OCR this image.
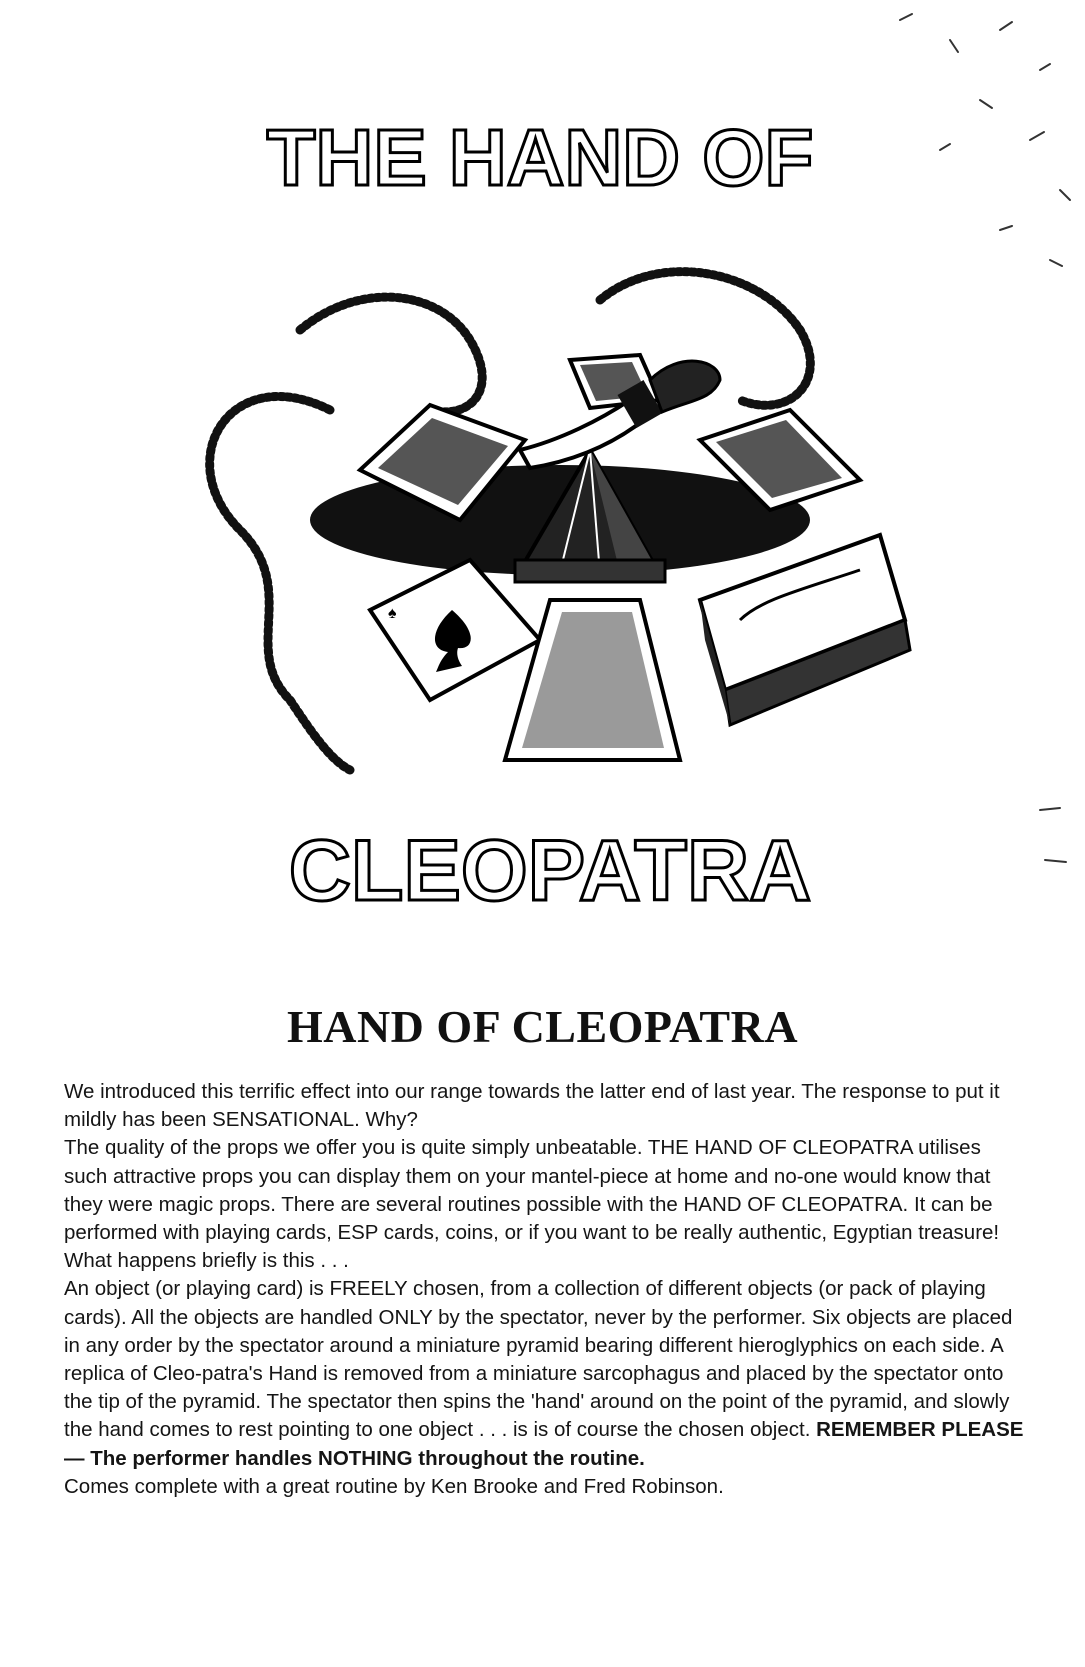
THE HAND OF
♠
CLEOPATRA
HAND OF CLEOPATRA

We introduced this terrific effect into our range towards the latter end of last year. The response to put it mildly has been SENSATIONAL. Why?

The quality of the props we offer you is quite simply unbeatable. THE HAND OF CLEOPATRA utilises such attractive props you can display them on your mantel-piece at home and no-one would know that they were magic props. There are several routines possible with the HAND OF CLEOPATRA. It can be performed with playing cards, ESP cards, coins, or if you want to be really authentic, Egyptian treasure! What happens briefly is this . . .

An object (or playing card) is FREELY chosen, from a collection of different objects (or pack of playing cards). All the objects are handled ONLY by the spectator, never by the performer. Six objects are placed in any order by the spectator around a miniature pyramid bearing different hieroglyphics on each side. A replica of Cleo-patra's Hand is removed from a miniature sarcophagus and placed by the spectator onto the tip of the pyramid. The spectator then spins the 'hand' around on the point of the pyramid, and slowly the hand comes to rest pointing to one object . . . is is of course the chosen object. REMEMBER PLEASE — The performer handles NOTHING throughout the routine.

Comes complete with a great routine by Ken Brooke and Fred Robinson.
